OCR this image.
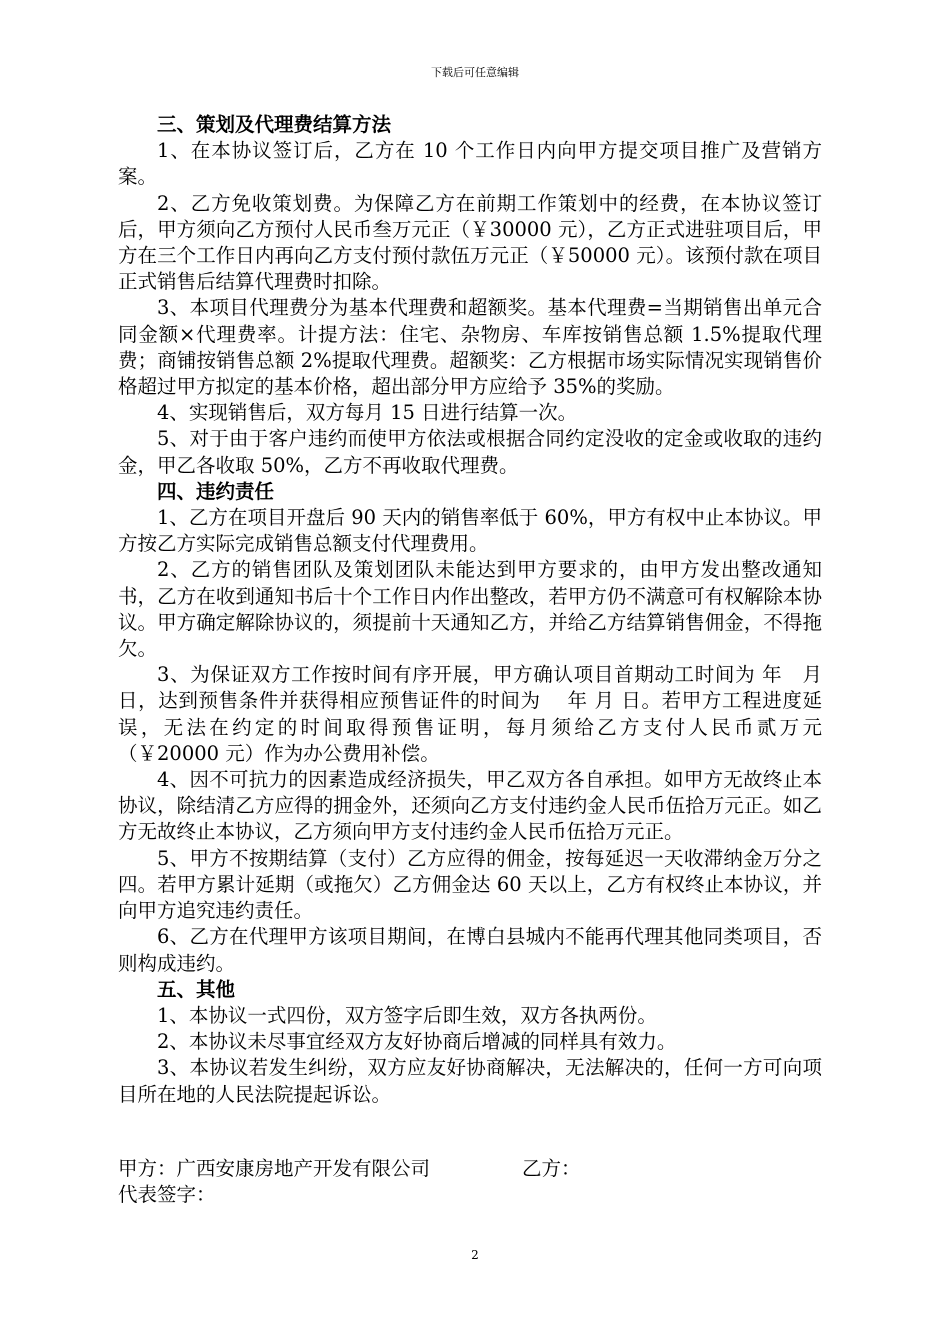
下载后可任意编辑

三、策划及代理费结算方法

1、在本协议签订后，乙方在 10 个工作日内向甲方提交项目推广及营销方案。

2、乙方免收策划费。为保障乙方在前期工作策划中的经费，在本协议签订后，甲方须向乙方预付人民币叁万元正（￥30000 元），乙方正式进驻项目后，甲方在三个工作日内再向乙方支付预付款伍万元正（￥50000 元）。该预付款在项目正式销售后结算代理费时扣除。

3、本项目代理费分为基本代理费和超额奖。基本代理费=当期销售出单元合同金额×代理费率。计提方法：住宅、杂物房、车库按销售总额 1.5%提取代理费；商铺按销售总额 2%提取代理费。超额奖：乙方根据市场实际情况实现销售价格超过甲方拟定的基本价格，超出部分甲方应给予 35%的奖励。

4、实现销售后，双方每月 15 日进行结算一次。

5、对于由于客户违约而使甲方依法或根据合同约定没收的定金或收取的违约金，甲乙各收取 50%，乙方不再收取代理费。

四、违约责任

1、乙方在项目开盘后 90 天内的销售率低于 60%，甲方有权中止本协议。甲方按乙方实际完成销售总额支付代理费用。

2、乙方的销售团队及策划团队未能达到甲方要求的，由甲方发出整改通知书，乙方在收到通知书后十个工作日内作出整改，若甲方仍不满意可有权解除本协议。甲方确定解除协议的，须提前十天通知乙方，并给乙方结算销售佣金，不得拖欠。

3、为保证双方工作按时间有序开展，甲方确认项目首期动工时间为 年　月 日，达到预售条件并获得相应预售证件的时间为　 年 月 日。若甲方工程进度延误，无法在约定的时间取得预售证明，每月须给乙方支付人民币贰万元（￥20000 元）作为办公费用补偿。

4、因不可抗力的因素造成经济损失，甲乙双方各自承担。如甲方无故终止本协议，除结清乙方应得的拥金外，还须向乙方支付违约金人民币伍拾万元正。如乙方无故终止本协议，乙方须向甲方支付违约金人民币伍拾万元正。

5、甲方不按期结算（支付）乙方应得的佣金，按每延迟一天收滞纳金万分之四。若甲方累计延期（或拖欠）乙方佣金达 60 天以上，乙方有权终止本协议，并向甲方追究违约责任。

6、乙方在代理甲方该项目期间，在博白县城内不能再代理其他同类项目，否则构成违约。

五、其他

1、本协议一式四份，双方签字后即生效，双方各执两份。

2、本协议未尽事宜经双方友好协商后增减的同样具有效力。

3、本协议若发生纠纷，双方应友好协商解决，无法解决的，任何一方可向项目所在地的人民法院提起诉讼。

甲方：广西安康房地产开发有限公司	乙方：
代表签字：
2
